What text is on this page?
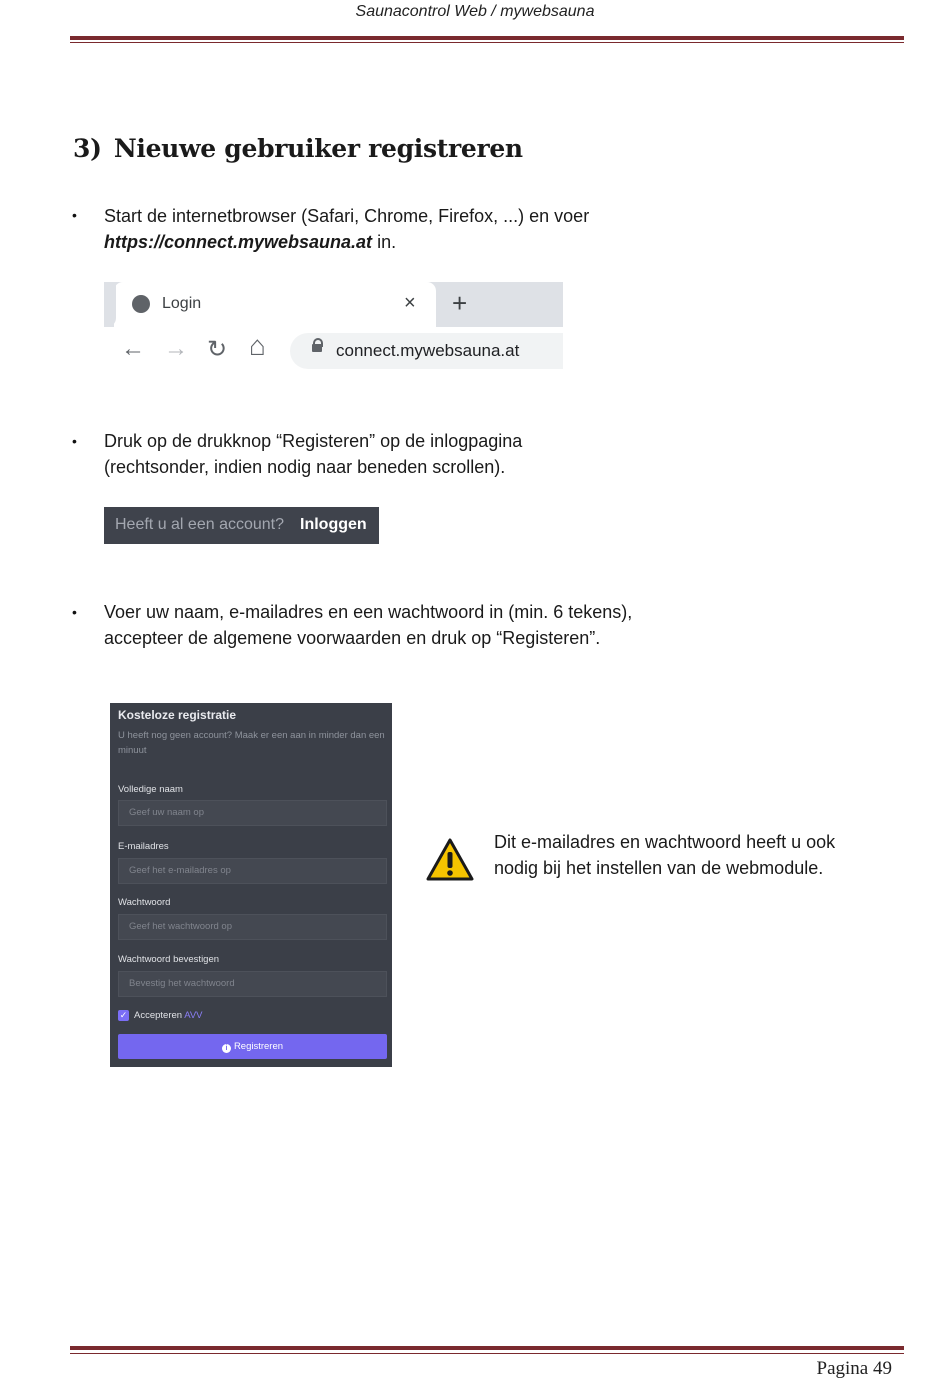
Saunacontrol Web / mywebsauna
3) Nieuwe gebruiker registreren
• Start de internetbrowser (Safari, Chrome, Firefox, ...) en voer
https://connect.mywebsauna.at in.
Login	× +
← → ↻ ⌂	connect.mywebsauna.at
• Druk op de drukknop “Registeren” op de inlogpagina
(rechtsonder, indien nodig naar beneden scrollen).
Heeft u al een account? Inloggen
• Voer uw naam, e-mailadres en een wachtwoord in (min. 6 tekens),
accepteer de algemene voorwaarden en druk op “Registeren”.
Kosteloze registratie
U heeft nog geen account? Maak er een aan in minder dan een minuut
Volledige naam
Geef uw naam op
E-mailadres
Geef het e-mailadres op
Wachtwoord
Geef het wachtwoord op
Wachtwoord bevestigen
Bevestig het wachtwoord
✓ Accepteren AVV
i Registreren
Dit e-mailadres en wachtwoord heeft u ook
nodig bij het instellen van de webmodule.
Pagina 49
